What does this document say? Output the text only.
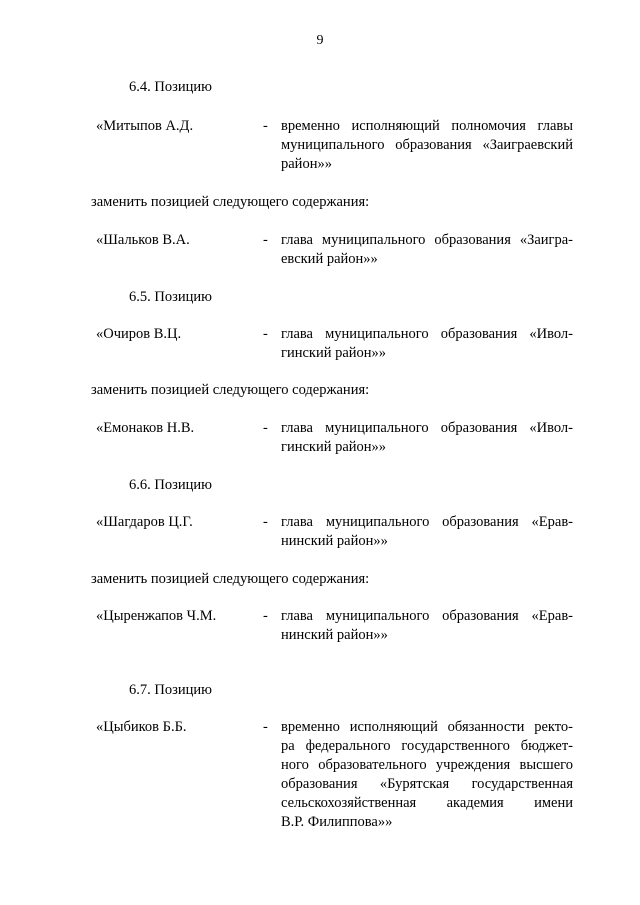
9
6.4. Позицию
«Митыпов А.Д.	- временно исполняющий полномочия главы
муниципального образования «Заиграевский
район»»
заменить позицией следующего содержания:
«Шальков В.А.	- глава муниципального образования «Заигра-
евский район»»
6.5. Позицию
«Очиров В.Ц.	- глава муниципального образования «Ивол-
гинский район»»
заменить позицией следующего содержания:
«Емонаков Н.В.	- глава муниципального образования «Ивол-
гинский район»»
6.6. Позицию
«Шагдаров Ц.Г.	- глава муниципального образования «Ерав-
нинский район»»
заменить позицией следующего содержания:
«Цыренжапов Ч.М.	- глава муниципального образования «Ерав-
нинский район»»
6.7. Позицию
«Цыбиков Б.Б.	- временно исполняющий обязанности ректо-
ра федерального государственного бюджет-
ного образовательного учреждения высшего
образования «Бурятская государственная
сельскохозяйственная академия имени
В.Р. Филиппова»»
